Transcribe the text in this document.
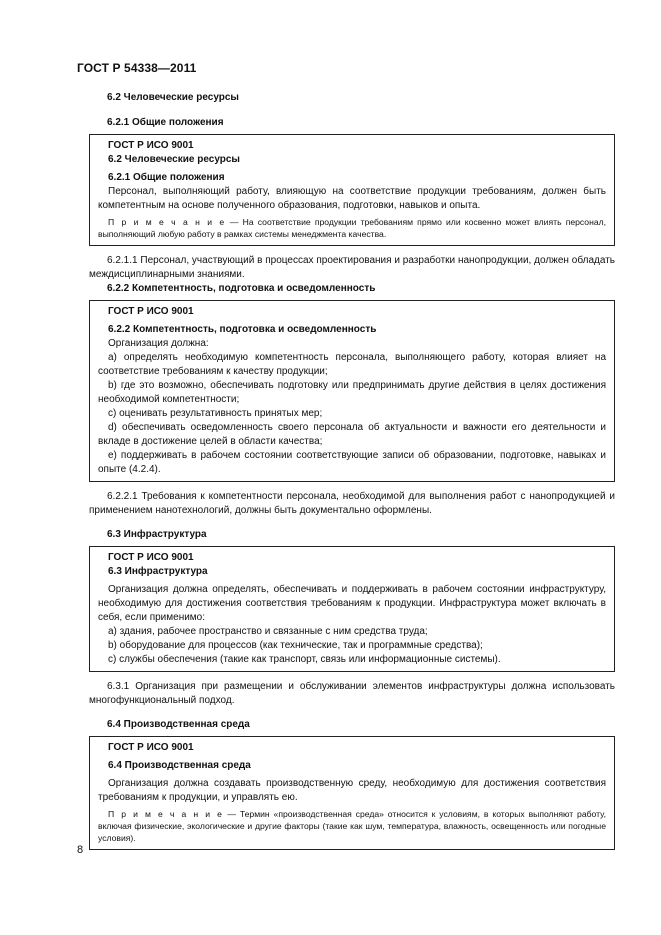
ГОСТ Р 54338—2011
6.2 Человеческие ресурсы
6.2.1 Общие положения
ГОСТ Р ИСО 9001
6.2 Человеческие ресурсы
6.2.1 Общие положения

Персонал, выполняющий работу, влияющую на соответствие продукции требованиям, должен быть компетентным на основе полученного образования, подготовки, навыков и опыта.

П р и м е ч а н и е — На соответствие продукции требованиям прямо или косвенно может влиять персонал, выполняющий любую работу в рамках системы менеджмента качества.

6.2.1.1 Персонал, участвующий в процессах проектирования и разработки нанопродукции, должен обладать междисциплинарными знаниями.

6.2.2 Компетентность, подготовка и осведомленность
ГОСТ Р ИСО 9001
6.2.2 Компетентность, подготовка и осведомленность

Организация должна:

a) определять необходимую компетентность персонала, выполняющего работу, которая влияет на соответствие требованиям к качеству продукции;

b) где это возможно, обеспечивать подготовку или предпринимать другие действия в целях достижения необходимой компетентности;

c) оценивать результативность принятых мер;

d) обеспечивать осведомленность своего персонала об актуальности и важности его деятельности и вкладе в достижение целей в области качества;

e) поддерживать в рабочем состоянии соответствующие записи об образовании, подготовке, навыках и опыте (4.2.4).

6.2.2.1 Требования к компетентности персонала, необходимой для выполнения работ с нанопродукцией и применением нанотехнологий, должны быть документально оформлены.

6.3 Инфраструктура
ГОСТ Р ИСО 9001
6.3 Инфраструктура

Организация должна определять, обеспечивать и поддерживать в рабочем состоянии инфраструктуру, необходимую для достижения соответствия требованиям к продукции. Инфраструктура может включать в себя, если применимо:

a) здания, рабочее пространство и связанные с ним средства труда;

b) оборудование для процессов (как технические, так и программные средства);

c) службы обеспечения (такие как транспорт, связь или информационные системы).

6.3.1 Организация при размещении и обслуживании элементов инфраструктуры должна использовать многофункциональный подход.

6.4 Производственная среда
ГОСТ Р ИСО 9001
6.4 Производственная среда

Организация должна создавать производственную среду, необходимую для достижения соответствия требованиям к продукции, и управлять ею.

П р и м е ч а н и е — Термин «производственная среда» относится к условиям, в которых выполняют работу, включая физические, экологические и другие факторы (такие как шум, температура, влажность, освещенность или погодные условия).

8
